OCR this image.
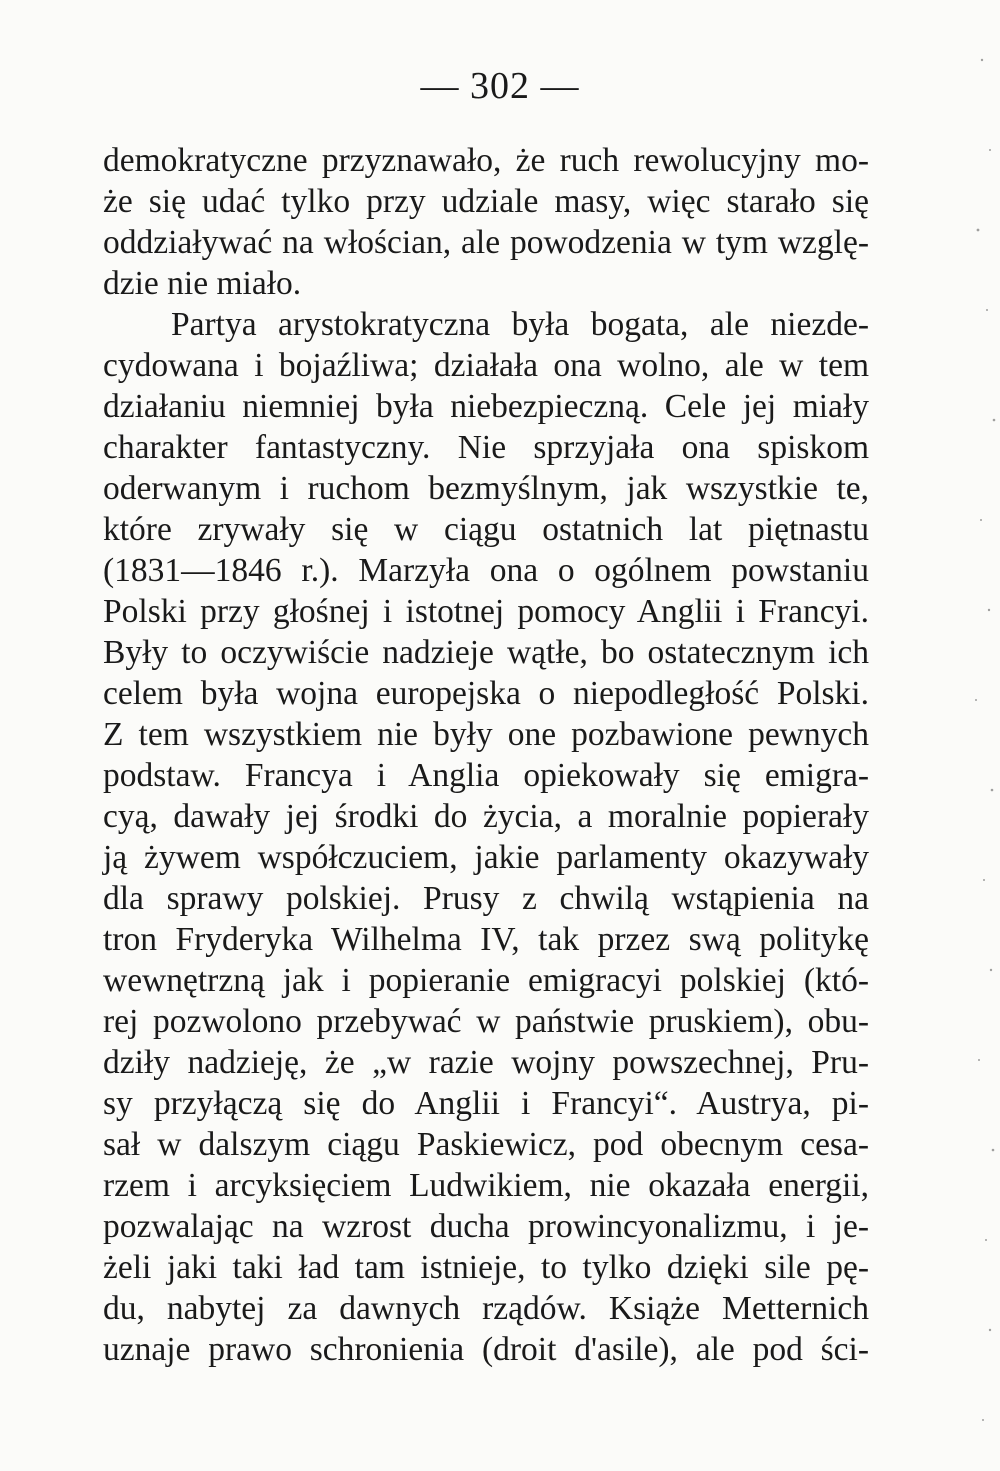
— 302 —
demokratyczne przyznawało, że ruch rewolucyjny mo-
że się udać tylko przy udziale masy, więc starało się
oddziaływać na włościan, ale powodzenia w tym wzglę-
dzie nie miało.
Partya arystokratyczna była bogata, ale niezde-
cydowana i bojaźliwa; działała ona wolno, ale w tem
działaniu niemniej była niebezpieczną. Cele jej miały
charakter fantastyczny. Nie sprzyjała ona spiskom
oderwanym i ruchom bezmyślnym, jak wszystkie te,
które zrywały się w ciągu ostatnich lat piętnastu
(1831—1846 r.). Marzyła ona o ogólnem powstaniu
Polski przy głośnej i istotnej pomocy Anglii i Francyi.
Były to oczywiście nadzieje wątłe, bo ostatecznym ich
celem była wojna europejska o niepodległość Polski.
Z tem wszystkiem nie były one pozbawione pewnych
podstaw. Francya i Anglia opiekowały się emigra-
cyą, dawały jej środki do życia, a moralnie popierały
ją żywem współczuciem, jakie parlamenty okazywały
dla sprawy polskiej. Prusy z chwilą wstąpienia na
tron Fryderyka Wilhelma IV, tak przez swą politykę
wewnętrzną jak i popieranie emigracyi polskiej (któ-
rej pozwolono przebywać w państwie pruskiem), obu-
dziły nadzieję, że „w razie wojny powszechnej, Pru-
sy przyłączą się do Anglii i Francyi“. Austrya, pi-
sał w dalszym ciągu Paskiewicz, pod obecnym cesa-
rzem i arcyksięciem Ludwikiem, nie okazała energii,
pozwalając na wzrost ducha prowincyonalizmu, i je-
żeli jaki taki ład tam istnieje, to tylko dzięki sile pę-
du, nabytej za dawnych rządów. Książe Metternich
uznaje prawo schronienia (droit d'asile), ale pod ści-
